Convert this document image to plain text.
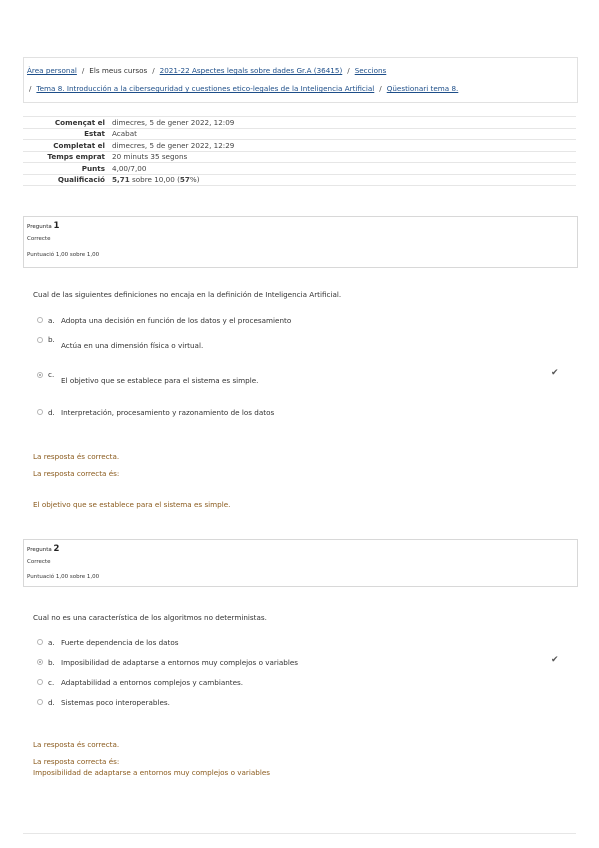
Àrea personal / Els meus cursos / 2021-22 Aspectes legals sobre dades Gr.A (36415) / Seccions
/ Tema 8. Introducción a la ciberseguridad y cuestiones etico-legales de la Inteligencia Artificial / Qüestionari tema 8.
Començat el	dimecres, 5 de gener 2022, 12:09
Estat	Acabat
Completat el	dimecres, 5 de gener 2022, 12:29
Temps emprat	20 minuts 35 segons
Punts	4,00/7,00
Qualificació	5,71 sobre 10,00 (57%)
Pregunta 1
Correcte
Puntuació 1,00 sobre 1,00
Cual de las siguientes definiciones no encaja en la definición de Inteligencia Artificial.
a. Adopta una decisión en función de los datos y el procesamiento
b.
Actúa en una dimensión física o virtual.
c.
El objetivo que se establece para el sistema es simple.
✔
d. Interpretación, procesamiento y razonamiento de los datos
La resposta és correcta.
La resposta correcta és:
El objetivo que se establece para el sistema es simple.
Pregunta 2
Correcte
Puntuació 1,00 sobre 1,00
Cual no es una característica de los algoritmos no deterministas.
a. Fuerte dependencia de los datos
b. Imposibilidad de adaptarse a entornos muy complejos o variables	✔
c. Adaptabilidad a entornos complejos y cambiantes.
d. Sistemas poco interoperables.
La resposta és correcta.
La resposta correcta és:
Imposibilidad de adaptarse a entornos muy complejos o variables
